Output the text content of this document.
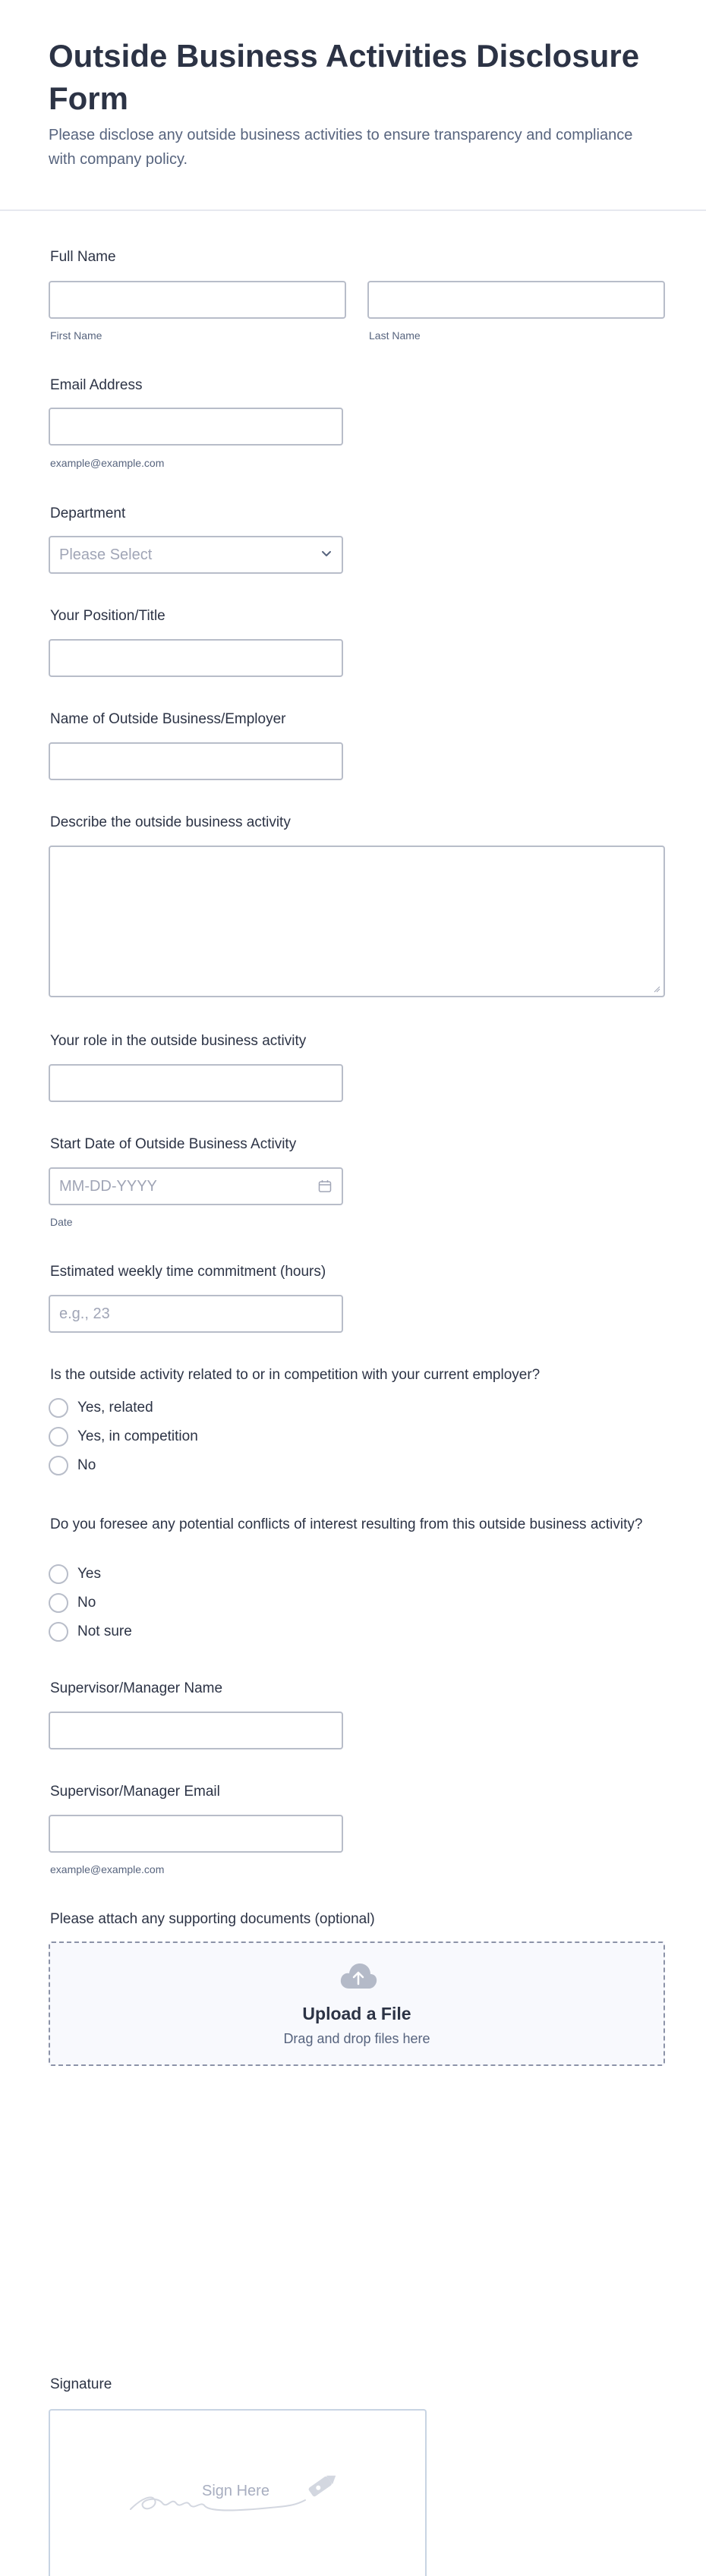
Outside Business Activities Disclosure Form

Please disclose any outside business activities to ensure transparency and compliance with company policy.

Full Name
First Name	Last Name
Email Address
example@example.com
Department
Please Select
Your Position/Title
Name of Outside Business/Employer
Describe the outside business activity
Your role in the outside business activity
Start Date of Outside Business Activity
MM-DD-YYYY
Date
Estimated weekly time commitment (hours)
e.g., 23
Is the outside activity related to or in competition with your current employer?
Yes, related
Yes, in competition
No
Do you foresee any potential conflicts of interest resulting from this outside business activity?
Yes
No
Not sure
Supervisor/Manager Name
Supervisor/Manager Email
example@example.com
Please attach any supporting documents (optional)
Upload a File
Drag and drop files here
Signature
Sign Here
